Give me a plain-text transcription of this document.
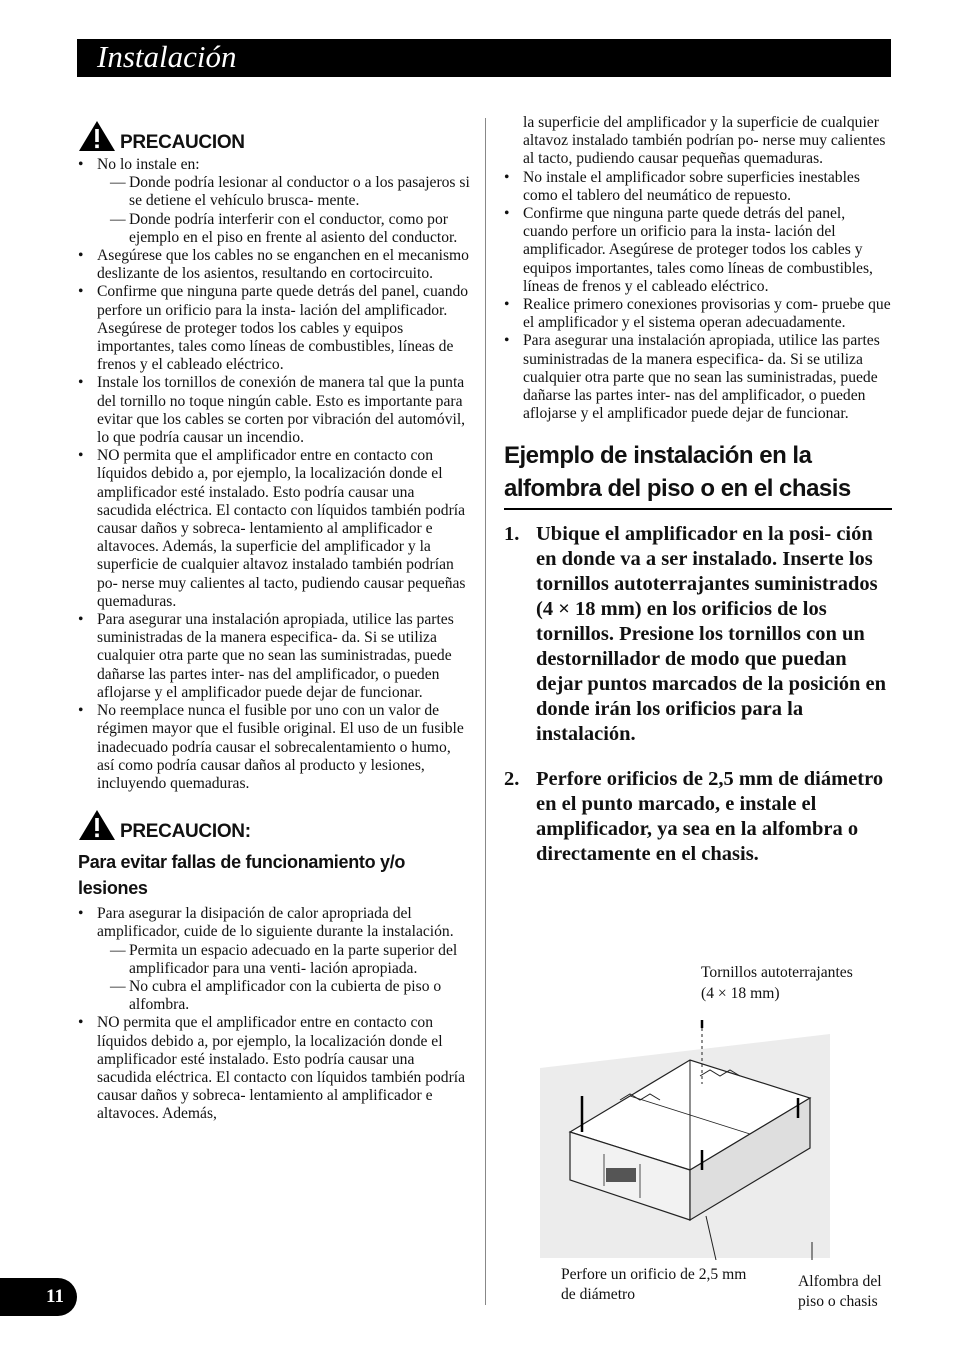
Instalación
PRECAUCION
• No lo instale en:
— Donde podría lesionar al conductor o a los pasajeros si se detiene el vehículo brusca- mente.
— Donde podría interferir con el conductor, como por ejemplo en el piso en frente al asiento del conductor.
• Asegúrese que los cables no se enganchen en el mecanismo deslizante de los asientos, resultando en cortocircuito.
• Confirme que ninguna parte quede detrás del panel, cuando perfore un orificio para la insta- lación del amplificador. Asegúrese de proteger todos los cables y equipos importantes, tales como líneas de combustibles, líneas de frenos y el cableado eléctrico.
• Instale los tornillos de conexión de manera tal que la punta del tornillo no toque ningún cable. Esto es importante para evitar que los cables se corten por vibración del automóvil, lo que podría causar un incendio.
• NO permita que el amplificador entre en contacto con líquidos debido a, por ejemplo, la localización donde el amplificador esté instalado. Esto podría causar una sacudida eléctrica. El contacto con líquidos también podría causar daños y sobreca- lentamiento al amplificador e altavoces. Además, la superficie del amplificador y la superficie de cualquier altavoz instalado también podrían po- nerse muy calientes al tacto, pudiendo causar pequeñas quemaduras.
• Para asegurar una instalación apropiada, utilice las partes suministradas de la manera especifica- da. Si se utiliza cualquier otra parte que no sean las suministradas, puede dañarse las partes inter- nas del amplificador, o pueden aflojarse y el amplificador puede dejar de funcionar.
• No reemplace nunca el fusible por uno con un valor de régimen mayor que el fusible original. El uso de un fusible inadecuado podría causar el sobrecalentamiento o humo, así como podría causar daños al producto y lesiones, incluyendo quemaduras.
PRECAUCION:
Para evitar fallas de funcionamiento y/o lesiones
• Para asegurar la disipación de calor apropriada del amplificador, cuide de lo siguiente durante la instalación.
— Permita un espacio adecuado en la parte superior del amplificador para una venti- lación apropiada.
— No cubra el amplificador con la cubierta de piso o alfombra.
• NO permita que el amplificador entre en contacto con líquidos debido a, por ejemplo, la localización donde el amplificador esté instalado. Esto podría causar una sacudida eléctrica. El contacto con líquidos también podría causar daños y sobreca- lentamiento al amplificador e altavoces. Además,
la superficie del amplificador y la superficie de cualquier altavoz instalado también podrían po- nerse muy calientes al tacto, pudiendo causar pequeñas quemaduras.
• No instale el amplificador sobre superficies inestables como el tablero del neumático de repuesto.
• Confirme que ninguna parte quede detrás del panel, cuando perfore un orificio para la insta- lación del amplificador. Asegúrese de proteger todos los cables y equipos importantes, tales como líneas de combustibles, líneas de frenos y el cableado eléctrico.
• Realice primero conexiones provisorias y com- pruebe que el amplificador y el sistema operan adecuadamente.
• Para asegurar una instalación apropiada, utilice las partes suministradas de la manera especifica- da. Si se utiliza cualquier otra parte que no sean las suministradas, puede dañarse las partes inter- nas del amplificador, o pueden aflojarse y el amplificador puede dejar de funcionar.
Ejemplo de instalación en la alfombra del piso o en el chasis
1. Ubique el amplificador en la posi- ción en donde va a ser instalado. Inserte los tornillos autoterrajantes suministrados (4 × 18 mm) en los orificios de los tornillos. Presione los tornillos con un destornillador de modo que puedan dejar puntos marcados de la posición en donde irán los orificios para la instalación.
2. Perfore orificios de 2,5 mm de diámetro en el punto marcado, e instale el amplificador, ya sea en la alfombra o directamente en el chasis.
Tornillos autoterrajantes
(4 × 18 mm)
Perfore un orificio de 2,5 mm
de diámetro
Alfombra del
piso o chasis
11
